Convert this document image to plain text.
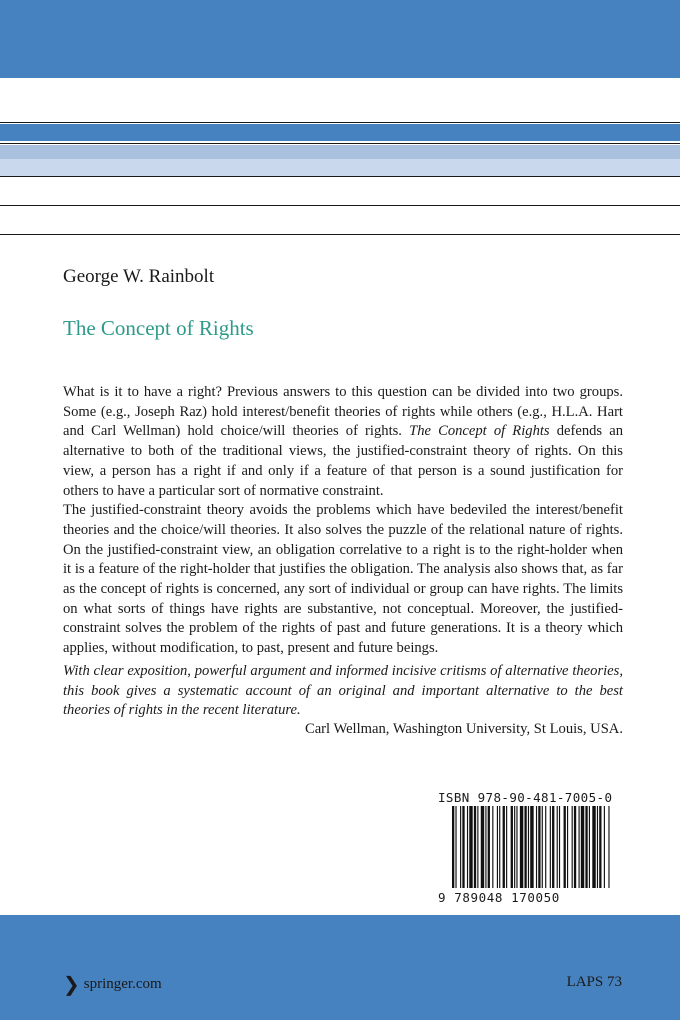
George W. Rainbolt
The Concept of Rights

What is it to have a right? Previous answers to this question can be divided into two groups. Some (e.g., Joseph Raz) hold interest/benefit theories of rights while others (e.g., H.L.A. Hart and Carl Wellman) hold choice/will theories of rights. The Concept of Rights defends an alternative to both of the traditional views, the justified-constraint theory of rights. On this view, a person has a right if and only if a feature of that person is a sound justification for others to have a particular sort of normative constraint.

The justified-constraint theory avoids the problems which have bedeviled the interest/benefit theories and the choice/will theories. It also solves the puzzle of the relational nature of rights. On the justified-constraint view, an obligation correlative to a right is to the right-holder when it is a feature of the right-holder that justifies the obligation. The analysis also shows that, as far as the concept of rights is concerned, any sort of individual or group can have rights. The limits on what sorts of things have rights are substantive, not conceptual. Moreover, the justified-constraint solves the problem of the rights of past and future generations. It is a theory which applies, without modification, to past, present and future beings.

With clear exposition, powerful argument and informed incisive critisms of alternative theories, this book gives a systematic account of an original and important alternative to the best theories of rights in the recent literature.
Carl Wellman, Washington University, St Louis, USA.
ISBN 978-90-481-7005-0
9 789048 170050
❯ springer.com	LAPS 73
